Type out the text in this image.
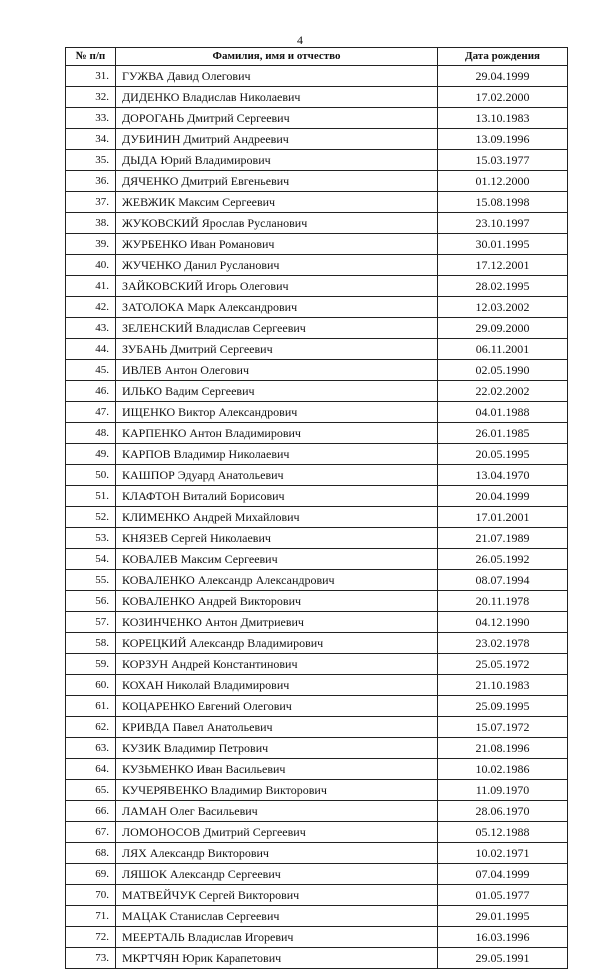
4
№ п/п	Фамилия, имя и отчество	Дата рождения
31.	ГУЖВА Давид Олегович	29.04.1999
32.	ДИДЕНКО Владислав Николаевич	17.02.2000
33.	ДОРОГАНЬ Дмитрий Сергеевич	13.10.1983
34.	ДУБИНИН Дмитрий Андреевич	13.09.1996
35.	ДЫДА Юрий Владимирович	15.03.1977
36.	ДЯЧЕНКО Дмитрий Евгеньевич	01.12.2000
37.	ЖЕВЖИК Максим Сергеевич	15.08.1998
38.	ЖУКОВСКИЙ Ярослав Русланович	23.10.1997
39.	ЖУРБЕНКО Иван Романович	30.01.1995
40.	ЖУЧЕНКО Данил Русланович	17.12.2001
41.	ЗАЙКОВСКИЙ Игорь Олегович	28.02.1995
42.	ЗАТОЛОКА Марк Александрович	12.03.2002
43.	ЗЕЛЕНСКИЙ Владислав Сергеевич	29.09.2000
44.	ЗУБАНЬ Дмитрий Сергеевич	06.11.2001
45.	ИВЛЕВ Антон Олегович	02.05.1990
46.	ИЛЬКО Вадим Сергеевич	22.02.2002
47.	ИЩЕНКО Виктор Александрович	04.01.1988
48.	КАРПЕНКО Антон Владимирович	26.01.1985
49.	КАРПОВ Владимир Николаевич	20.05.1995
50.	КАШПОР Эдуард Анатольевич	13.04.1970
51.	КЛАФТОН Виталий Борисович	20.04.1999
52.	КЛИМЕНКО Андрей Михайлович	17.01.2001
53.	КНЯЗЕВ Сергей Николаевич	21.07.1989
54.	КОВАЛЕВ Максим Сергеевич	26.05.1992
55.	КОВАЛЕНКО Александр Александрович	08.07.1994
56.	КОВАЛЕНКО Андрей Викторович	20.11.1978
57.	КОЗИНЧЕНКО Антон Дмитриевич	04.12.1990
58.	КОРЕЦКИЙ Александр Владимирович	23.02.1978
59.	КОРЗУН Андрей Константинович	25.05.1972
60.	КОХАН Николай Владимирович	21.10.1983
61.	КОЦАРЕНКО Евгений Олегович	25.09.1995
62.	КРИВДА Павел Анатольевич	15.07.1972
63.	КУЗИК Владимир Петрович	21.08.1996
64.	КУЗЬМЕНКО Иван Васильевич	10.02.1986
65.	КУЧЕРЯВЕНКО Владимир Викторович	11.09.1970
66.	ЛАМАН Олег Васильевич	28.06.1970
67.	ЛОМОНОСОВ Дмитрий Сергеевич	05.12.1988
68.	ЛЯХ Александр Викторович	10.02.1971
69.	ЛЯШОК Александр Сергеевич	07.04.1999
70.	МАТВЕЙЧУК Сергей Викторович	01.05.1977
71.	МАЦАК Станислав Сергеевич	29.01.1995
72.	МЕЕРТАЛЬ Владислав Игоревич	16.03.1996
73.	МКРТЧЯН Юрик Карапетович	29.05.1991
